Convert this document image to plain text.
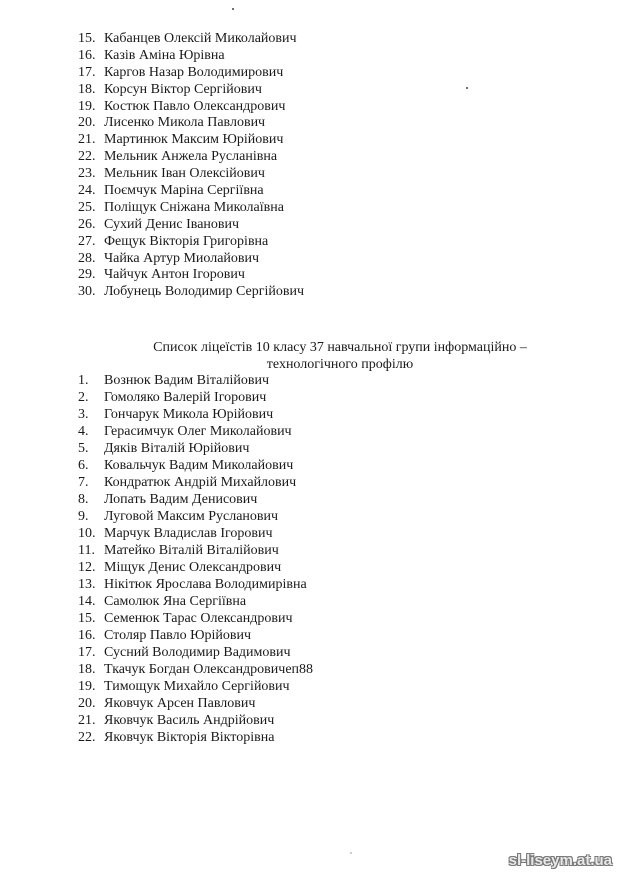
15. Кабанцев Олексій Миколайович
16. Казів Аміна Юрівна
17. Каргов Назар Володимирович
18. Корсун Віктор Сергійович
19. Костюк Павло Олександрович
20. Лисенко Микола Павлович
21. Мартинюк Максим Юрійович
22. Мельник Анжела Русланівна
23. Мельник Іван Олексійович
24. Поємчук Маріна Сергіївна
25. Поліщук Сніжана Миколаївна
26. Сухий Денис Іванович
27. Фещук Вікторія Григорівна
28. Чайка Артур Миолайович
29. Чайчук Антон Ігорович
30. Лобунець Володимир Сергійович
Список ліцеїстів 10 класу 37 навчальної групи інформаційно –
технологічного профілю
1. Вознюк Вадим Віталійович
2. Гомоляко Валерій Ігорович
3. Гончарук Микола Юрійович
4. Герасимчук Олег Миколайович
5. Дяків Віталій Юрійович
6. Ковальчук Вадим Миколайович
7. Кондратюк Андрій Михайлович
8. Лопать Вадим Денисович
9. Луговой Максим Русланович
10. Марчук Владислав Ігорович
11. Матейко Віталій Віталійович
12. Міщук Денис Олександрович
13. Нікітюк Ярослава Володимирівна
14. Самолюк Яна Сергіївна
15. Семенюк Тарас Олександрович
16. Столяр Павло Юрійович
17. Сусний Володимир Вадимович
18. Ткачук Богдан Олександровичеп88
19. Тимощук Михайло Сергійович
20. Яковчук Арсен Павлович
21. Яковчук Василь Андрійович
22. Яковчук Вікторія Вікторівна
sl-liseym.at.ua
